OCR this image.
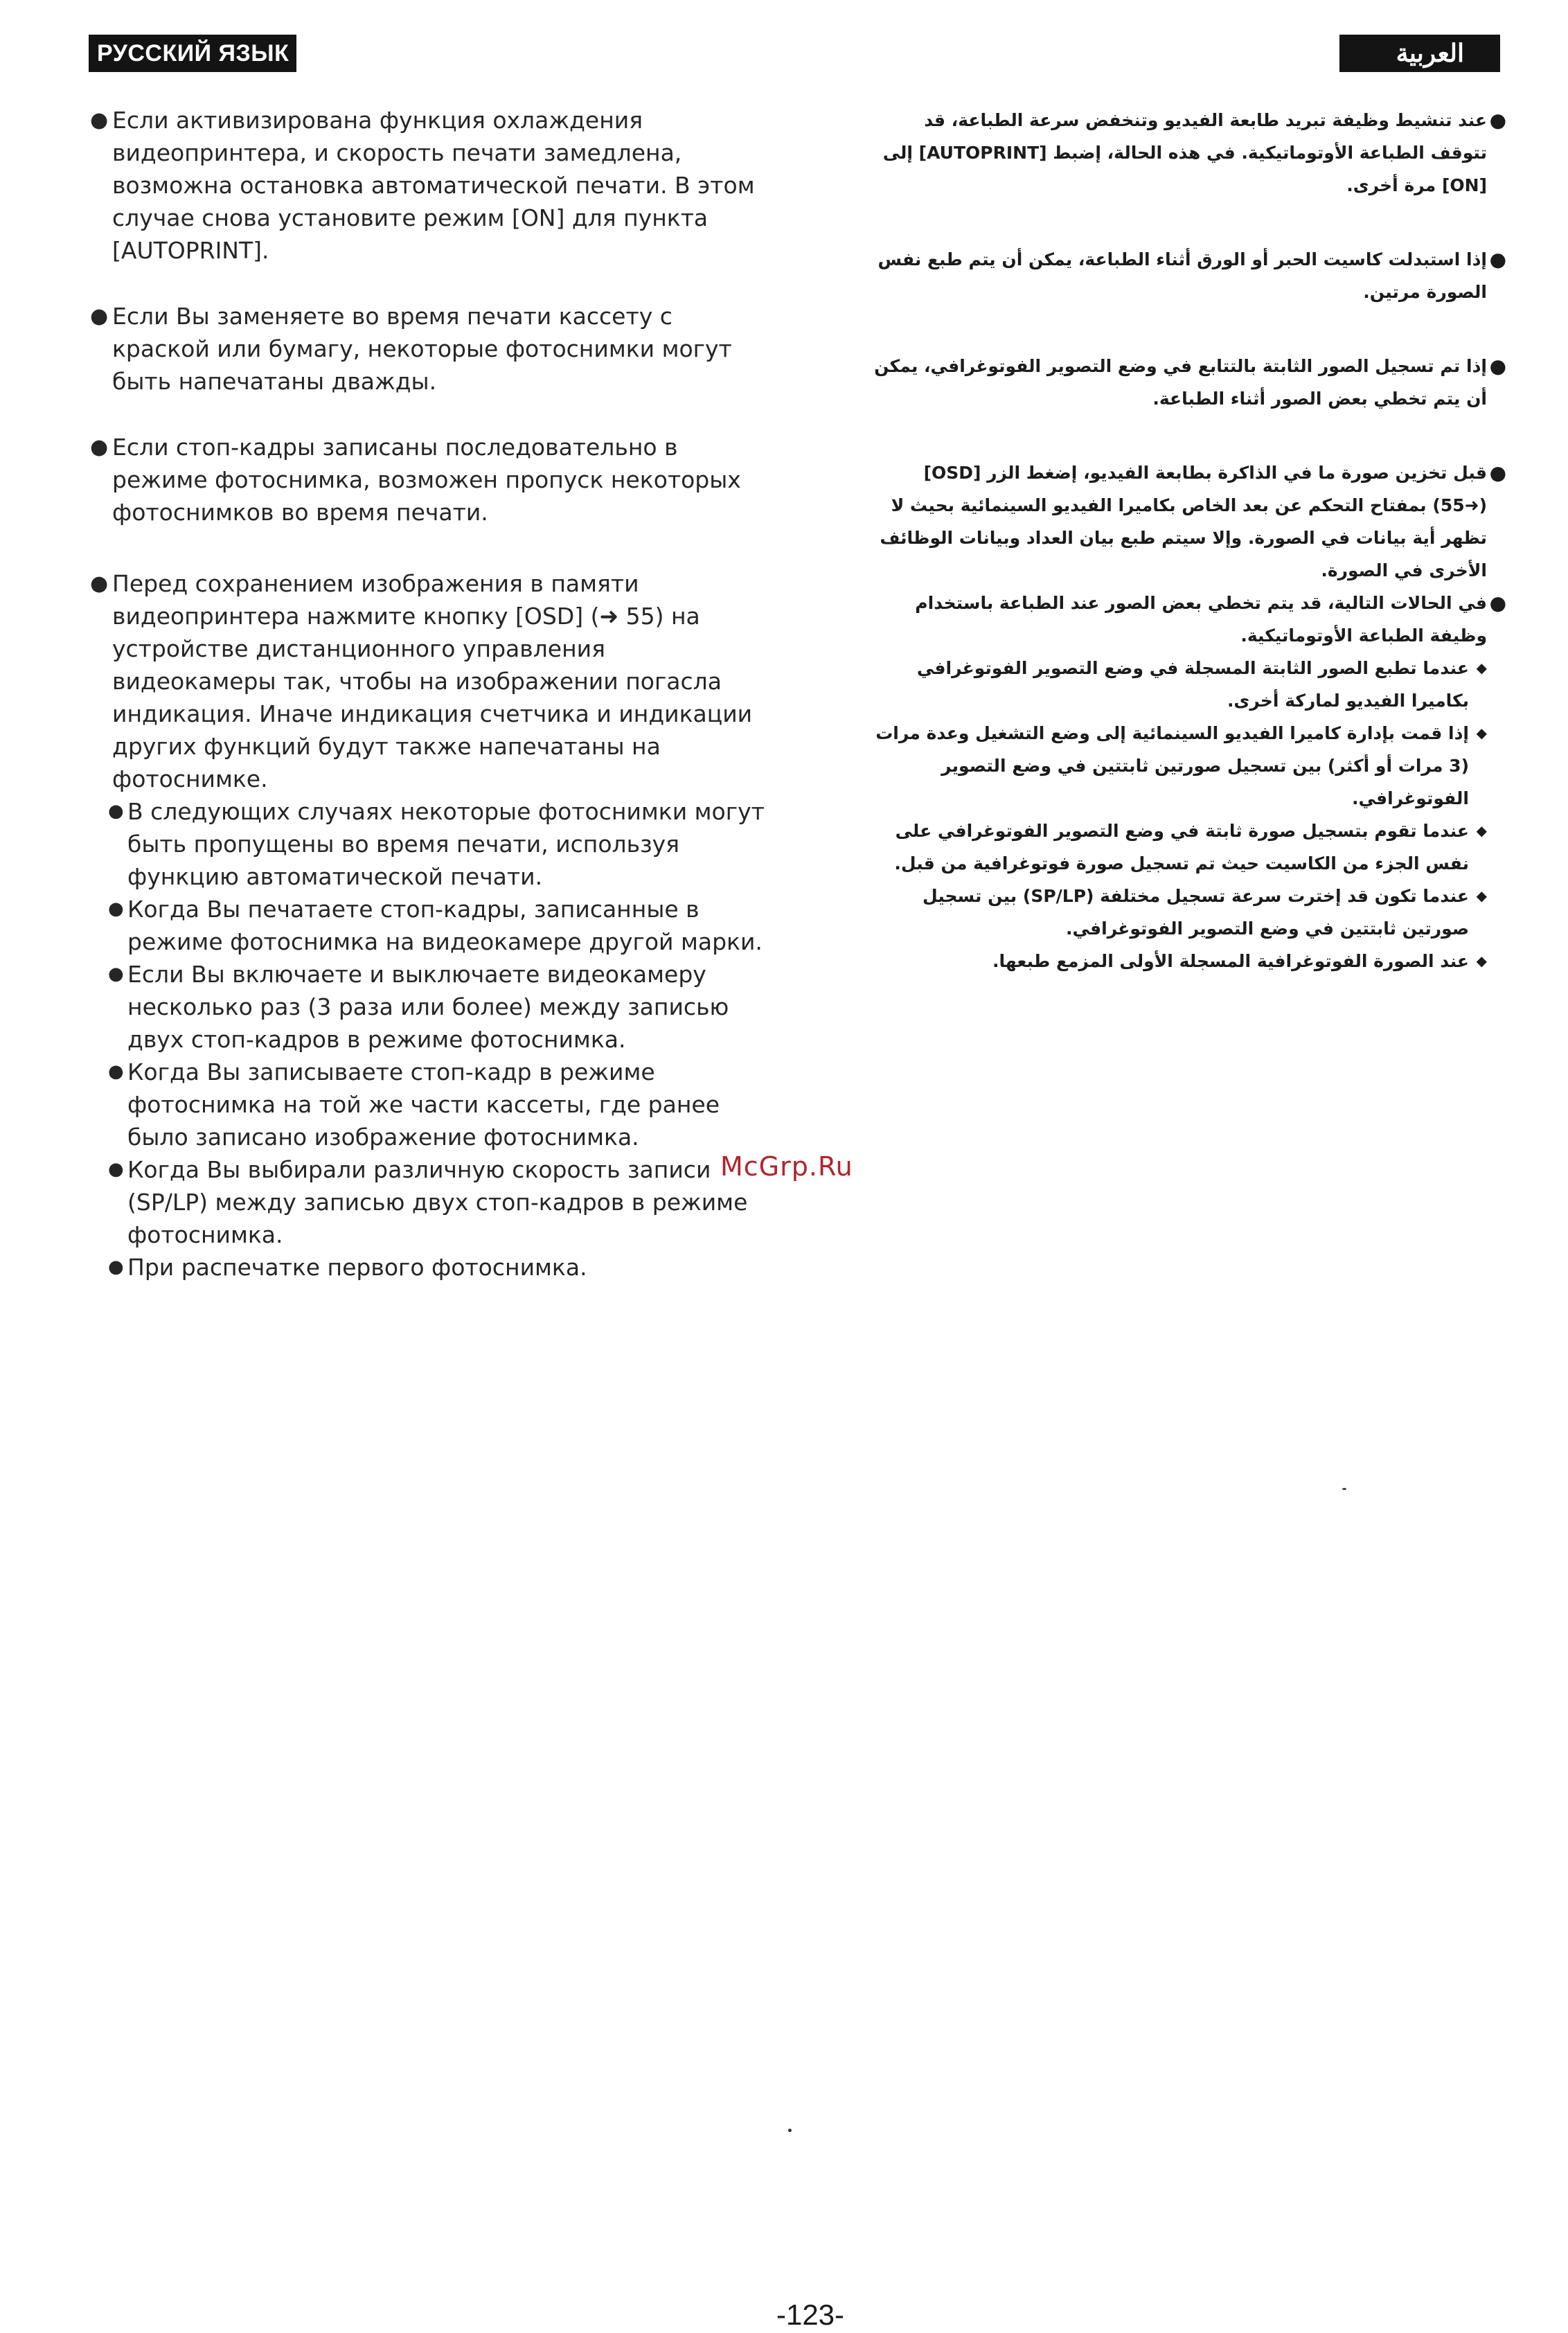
РУССКИЙ ЯЗЫК	العربية
● Если активизирована функция охлаждения видеопринтера, и скорость печати замедлена, возможна остановка автоматической печати. В этом случае снова установите режим [ON] для пункта [AUTOPRINT].
● Если Вы заменяете во время печати кассету с краской или бумагу, некоторые фотоснимки могут быть напечатаны дважды.
● Если стоп-кадры записаны последовательно в режиме фотоснимка, возможен пропуск некоторых фотоснимков во время печати.
● Перед сохранением изображения в памяти видеопринтера нажмите кнопку [OSD] (➜ 55) на устройстве дистанционного управления видеокамеры так, чтобы на изображении погасла индикация. Иначе индикация счетчика и индикации других функций будут также напечатаны на фотоснимке.
● В следующих случаях некоторые фотоснимки могут быть пропущены во время печати, используя функцию автоматической печати.
● Когда Вы печатаете стоп-кадры, записанные в режиме фотоснимка на видеокамере другой марки.
● Если Вы включаете и выключаете видеокамеру несколько раз (3 раза или более) между записью двух стоп-кадров в режиме фотоснимка.
● Когда Вы записываете стоп-кадр в режиме фотоснимка на той же части кассеты, где ранее было записано изображение фотоснимка.
● Когда Вы выбирали различную скорость записи (SP/LP) между записью двух стоп-кадров в режиме фотоснимка.
● При распечатке первого фотоснимка.
●
عند تنشيط وظيفة تبريد طابعة الفيديو وتنخفض سرعة الطباعة، قد تتوقف الطباعة الأوتوماتيكية. في هذه الحالة، إضبط [AUTOPRINT] إلى [ON] مرة أخرى.
●
إذا استبدلت كاسيت الحبر أو الورق أثناء الطباعة، يمكن أن يتم طبع نفس الصورة مرتين.
●
إذا تم تسجيل الصور الثابتة بالتتابع في وضع التصوير الفوتوغرافي، يمكن أن يتم تخطي بعض الصور أثناء الطباعة.
●
قبل تخزين صورة ما في الذاكرة بطابعة الفيديو، إضغط الزر [OSD] (➜55) بمفتاح التحكم عن بعد الخاص بكاميرا الفيديو السينمائية بحيث لا تظهر أية بيانات في الصورة. وإلا سيتم طبع بيان العداد وبيانات الوظائف الأخرى في الصورة.
●
في الحالات التالية، قد يتم تخطي بعض الصور عند الطباعة باستخدام وظيفة الطباعة الأوتوماتيكية.
◆
عندما تطبع الصور الثابتة المسجلة في وضع التصوير الفوتوغرافي بكاميرا الفيديو لماركة أخرى.
◆
إذا قمت بإدارة كاميرا الفيديو السينمائية إلى وضع التشغيل وعدة مرات (3 مرات أو أكثر) بين تسجيل صورتين ثابتتين في وضع التصوير الفوتوغرافي.
◆
عندما تقوم بتسجيل صورة ثابتة في وضع التصوير الفوتوغرافي على نفس الجزء من الكاسيت حيث تم تسجيل صورة فوتوغرافية من قبل.
◆
عندما تكون قد إخترت سرعة تسجيل مختلفة (SP/LP) بين تسجيل صورتين ثابتتين في وضع التصوير الفوتوغرافي.
◆
عند الصورة الفوتوغرافية المسجلة الأولى المزمع طبعها.
McGrp.Ru
-123-
